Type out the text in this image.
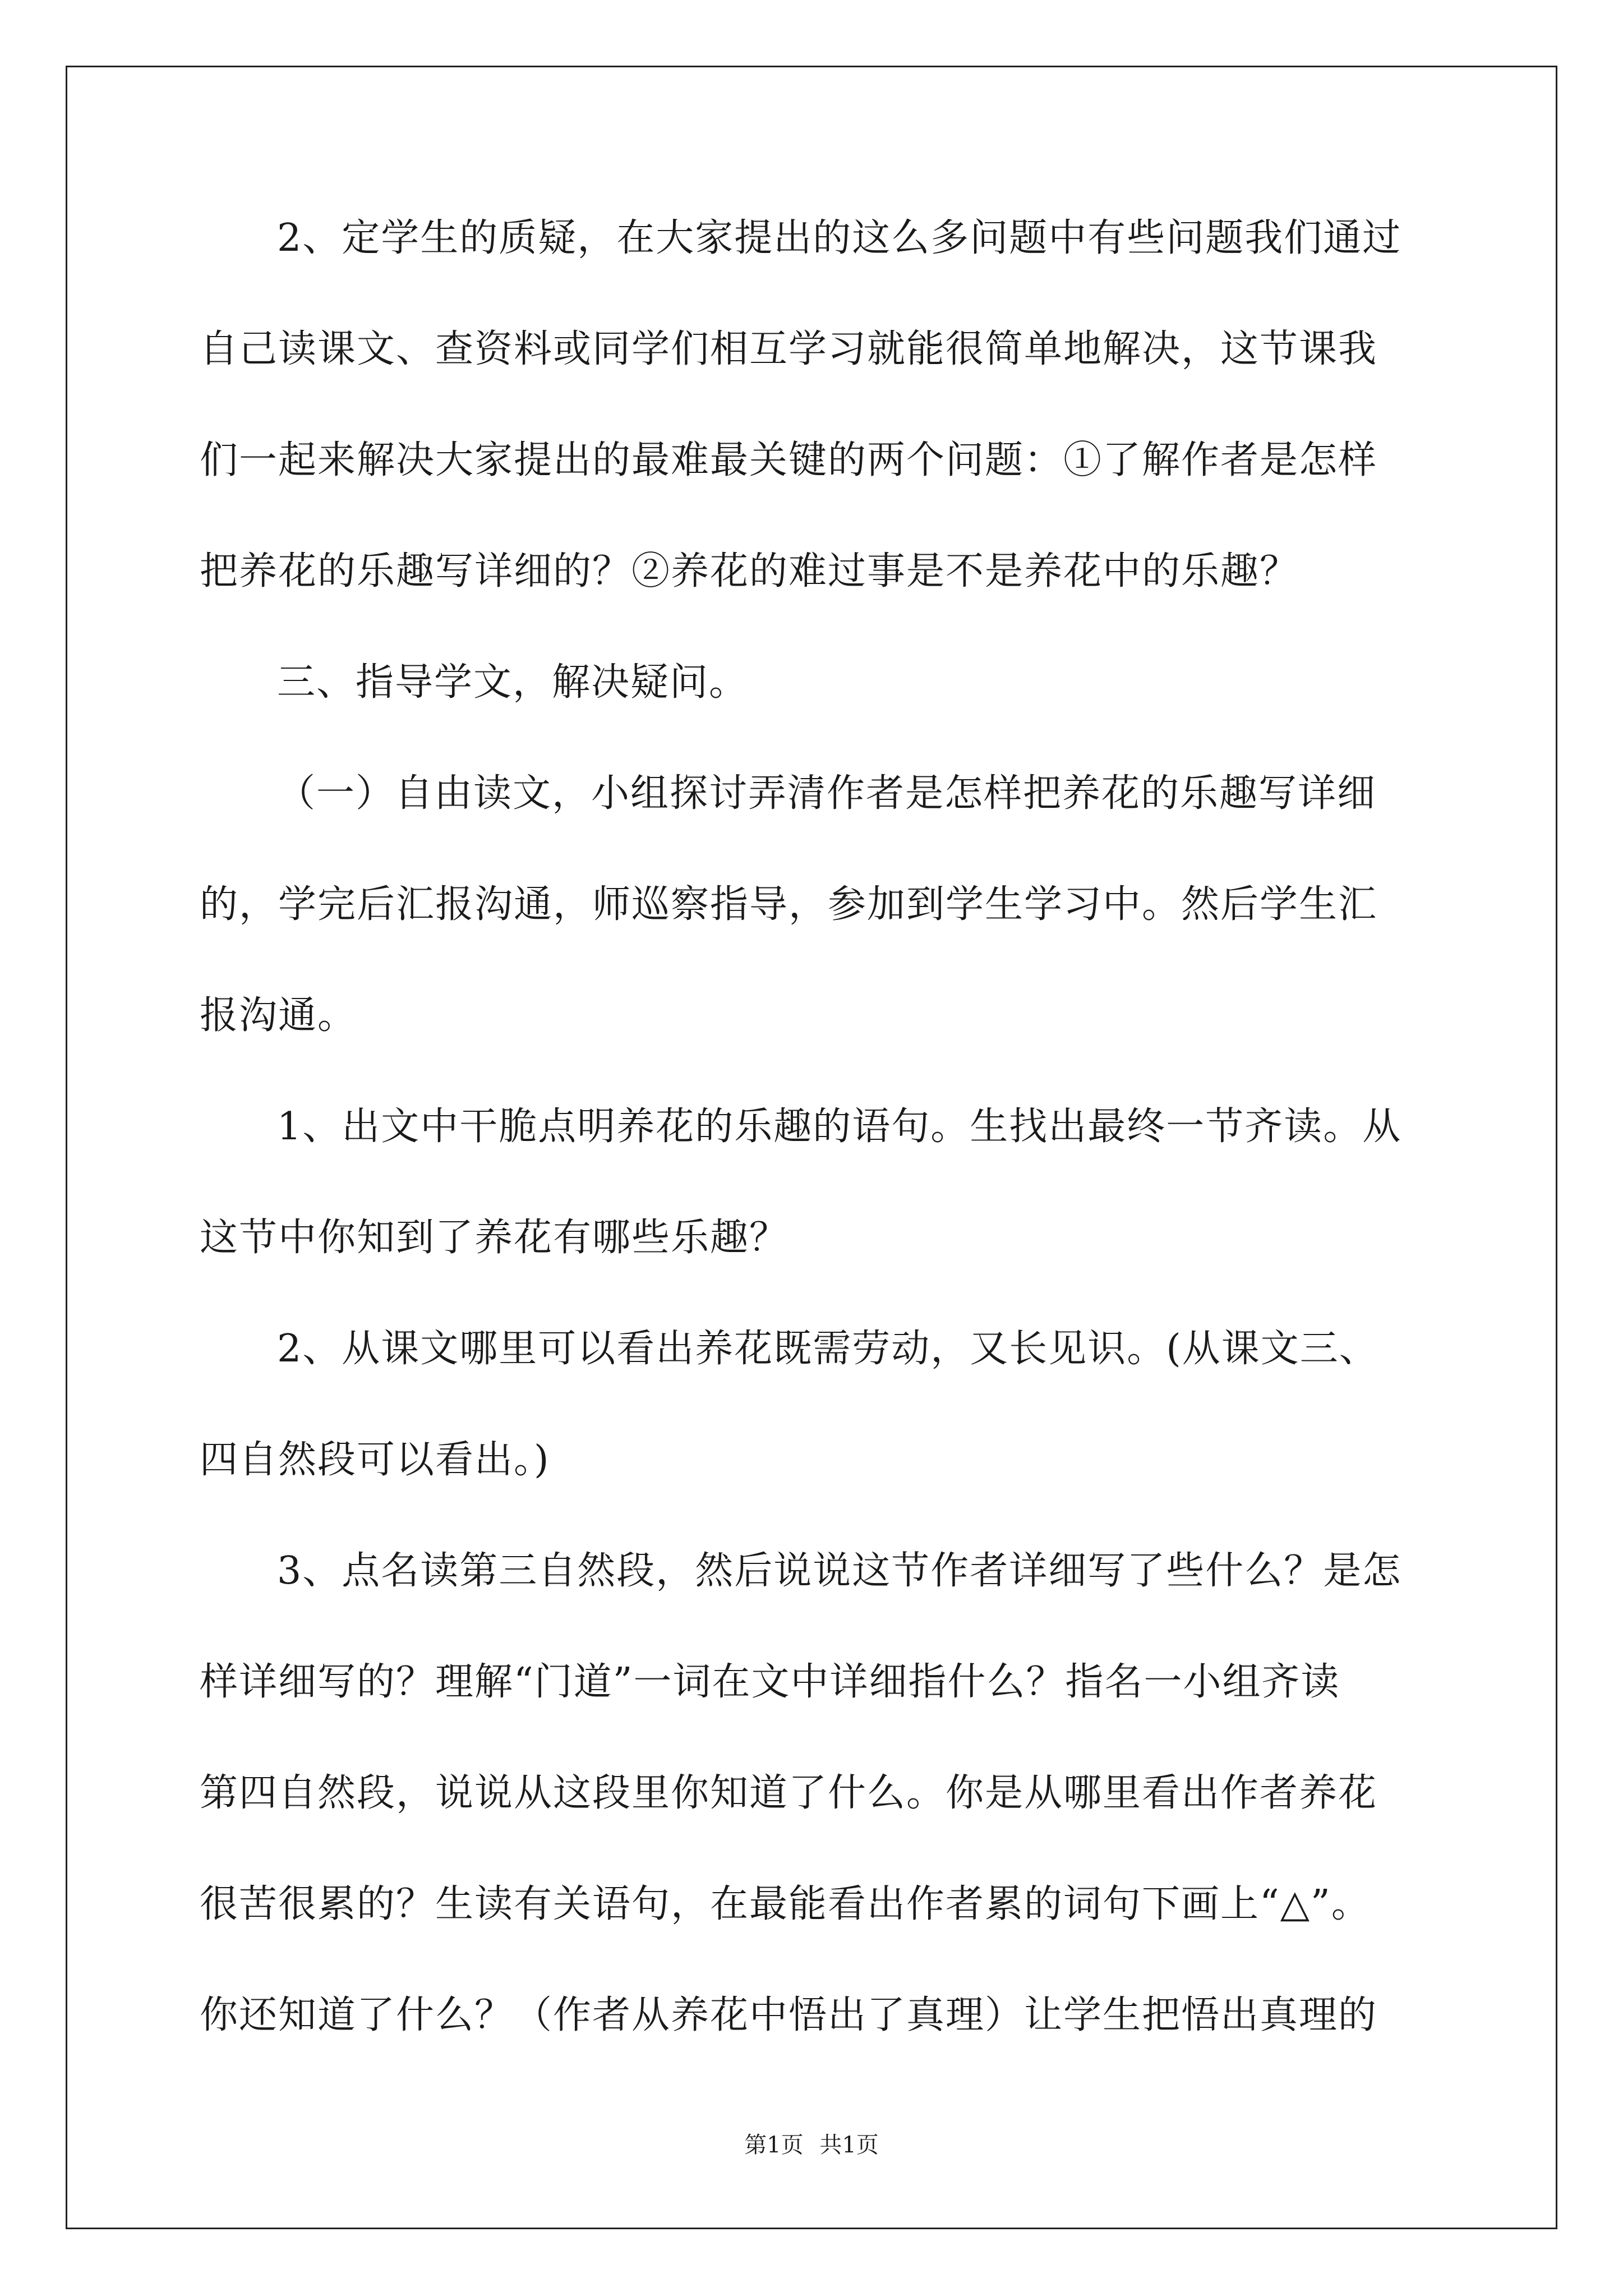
2、定学生的质疑，在大家提出的这么多问题中有些问题我们通过
自己读课文、查资料或同学们相互学习就能很简单地解决，这节课我
们一起来解决大家提出的最难最关键的两个问题：①了解作者是怎样
把养花的乐趣写详细的？②养花的难过事是不是养花中的乐趣？
三、指导学文，解决疑问。
（一）自由读文，小组探讨弄清作者是怎样把养花的乐趣写详细
的，学完后汇报沟通，师巡察指导，参加到学生学习中。然后学生汇
报沟通。
1、出文中干脆点明养花的乐趣的语句。生找出最终一节齐读。从
这节中你知到了养花有哪些乐趣？
2、从课文哪里可以看出养花既需劳动，又长见识。(从课文三、
四自然段可以看出。)
3、点名读第三自然段，然后说说这节作者详细写了些什么？是怎
样详细写的？理解“门道”一词在文中详细指什么？指名一小组齐读
第四自然段，说说从这段里你知道了什么。你是从哪里看出作者养花
很苦很累的？生读有关语句，在最能看出作者累的词句下画上“△”。
你还知道了什么？（作者从养花中悟出了真理）让学生把悟出真理的
第1页 共1页
